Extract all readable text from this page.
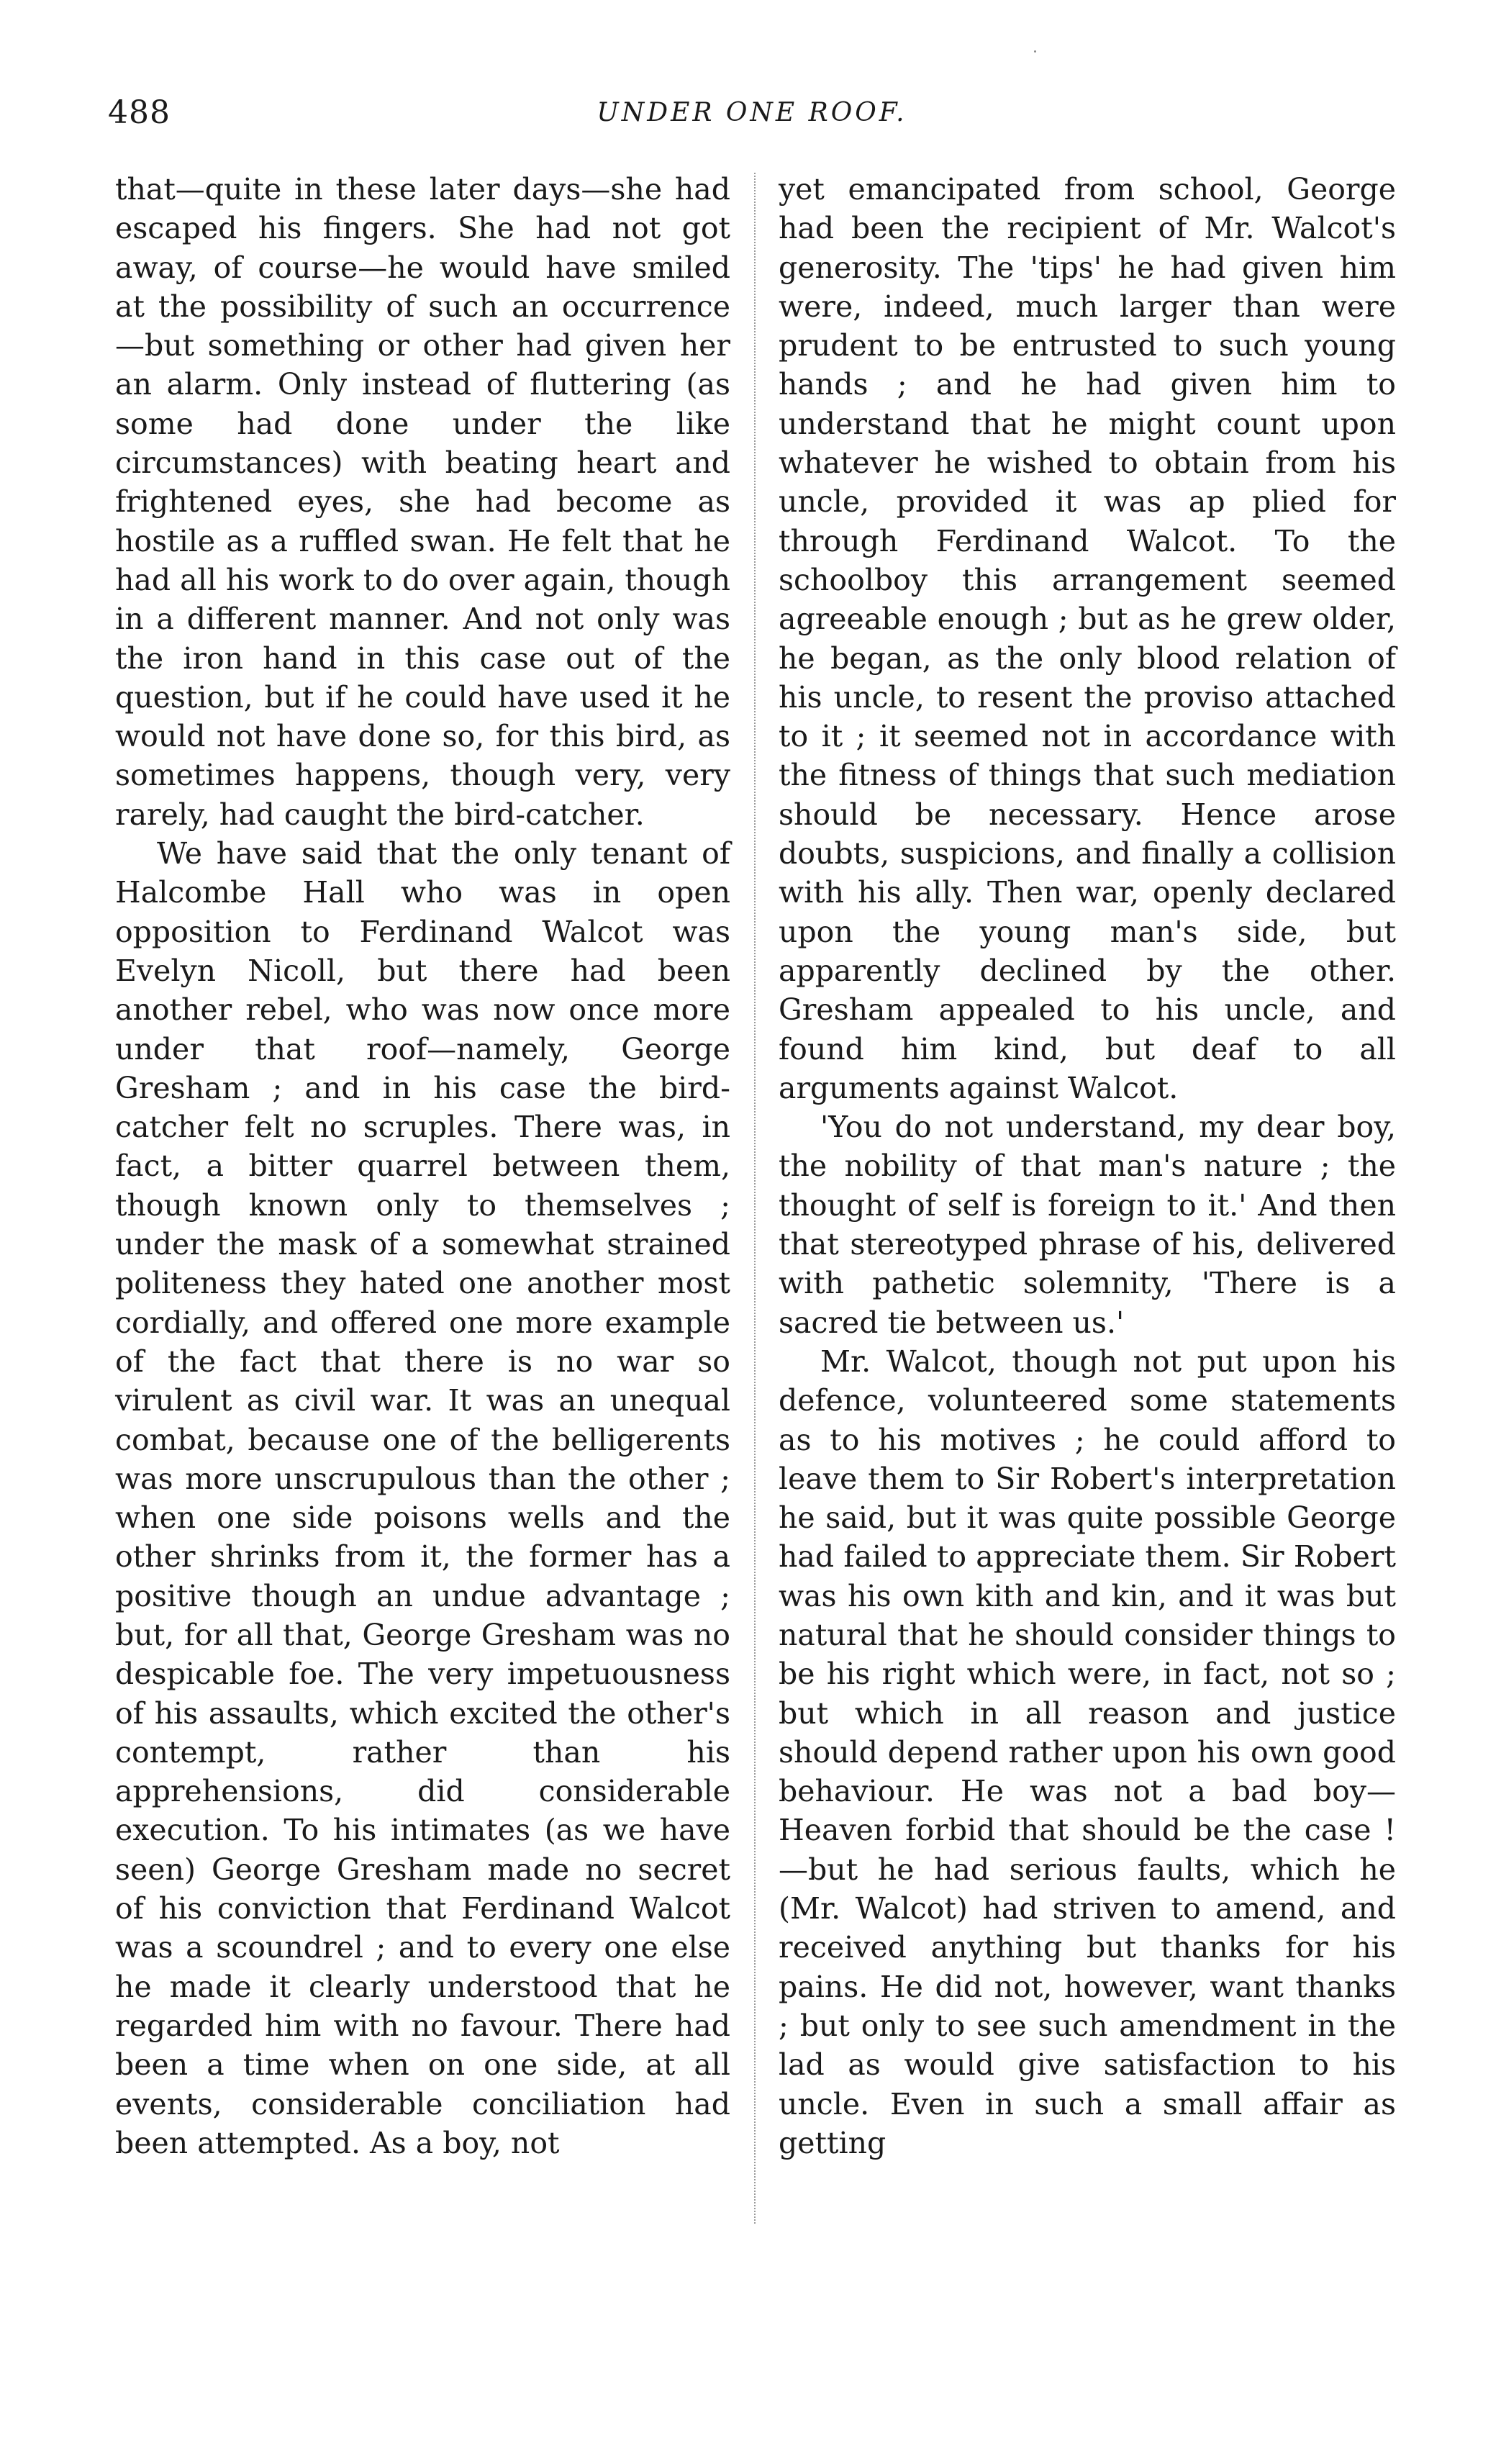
488	UNDER ONE ROOF.

that—quite in these later days—she had escaped his fingers. She had not got away, of course—he would have smiled at the possibility of such an occurrence —but something or other had given her an alarm. Only instead of fluttering (as some had done under the like circumstances) with beating heart and frightened eyes, she had become as hostile as a ruffled swan. He felt that he had all his work to do over again, though in a different manner. And not only was the iron hand in this case out of the question, but if he could have used it he would not have done so, for this bird, as sometimes happens, though very, very rarely, had caught the bird-catcher.

We have said that the only tenant of Halcombe Hall who was in open opposition to Ferdinand Walcot was Evelyn Nicoll, but there had been another rebel, who was now once more under that roof—namely, George Gresham ; and in his case the bird-catcher felt no scruples. There was, in fact, a bitter quarrel between them, though known only to themselves ; under the mask of a somewhat strained politeness they hated one another most cordially, and offered one more example of the fact that there is no war so virulent as civil war. It was an unequal combat, because one of the belligerents was more unscrupulous than the other ; when one side poisons wells and the other shrinks from it, the former has a positive though an undue advantage ; but, for all that, George Gresham was no despicable foe. The very impetuousness of his assaults, which excited the other's contempt, rather than his apprehensions, did considerable execution. To his intimates (as we have seen) George Gresham made no secret of his conviction that Ferdinand Walcot was a scoundrel ; and to every one else he made it clearly understood that he regarded him with no favour. There had been a time when on one side, at all events, considerable conciliation had been attempted. As a boy, not

yet emancipated from school, George had been the recipient of Mr. Walcot's generosity. The 'tips' he had given him were, indeed, much larger than were prudent to be entrusted to such young hands ; and he had given him to understand that he might count upon whatever he wished to obtain from his uncle, provided it was ap plied for through Ferdinand Walcot. To the schoolboy this arrangement seemed agreeable enough ; but as he grew older, he began, as the only blood relation of his uncle, to resent the proviso attached to it ; it seemed not in accordance with the fitness of things that such mediation should be necessary. Hence arose doubts, suspicions, and finally a collision with his ally. Then war, openly declared upon the young man's side, but apparently declined by the other. Gresham appealed to his uncle, and found him kind, but deaf to all arguments against Walcot.

'You do not understand, my dear boy, the nobility of that man's nature ; the thought of self is foreign to it.' And then that stereotyped phrase of his, delivered with pathetic solemnity, 'There is a sacred tie between us.'

Mr. Walcot, though not put upon his defence, volunteered some statements as to his motives ; he could afford to leave them to Sir Robert's interpretation he said, but it was quite possible George had failed to appreciate them. Sir Robert was his own kith and kin, and it was but natural that he should consider things to be his right which were, in fact, not so ; but which in all reason and justice should depend rather upon his own good behaviour. He was not a bad boy—Heaven forbid that should be the case !—but he had serious faults, which he (Mr. Walcot) had striven to amend, and received anything but thanks for his pains. He did not, however, want thanks ; but only to see such amendment in the lad as would give satisfaction to his uncle. Even in such a small affair as getting
